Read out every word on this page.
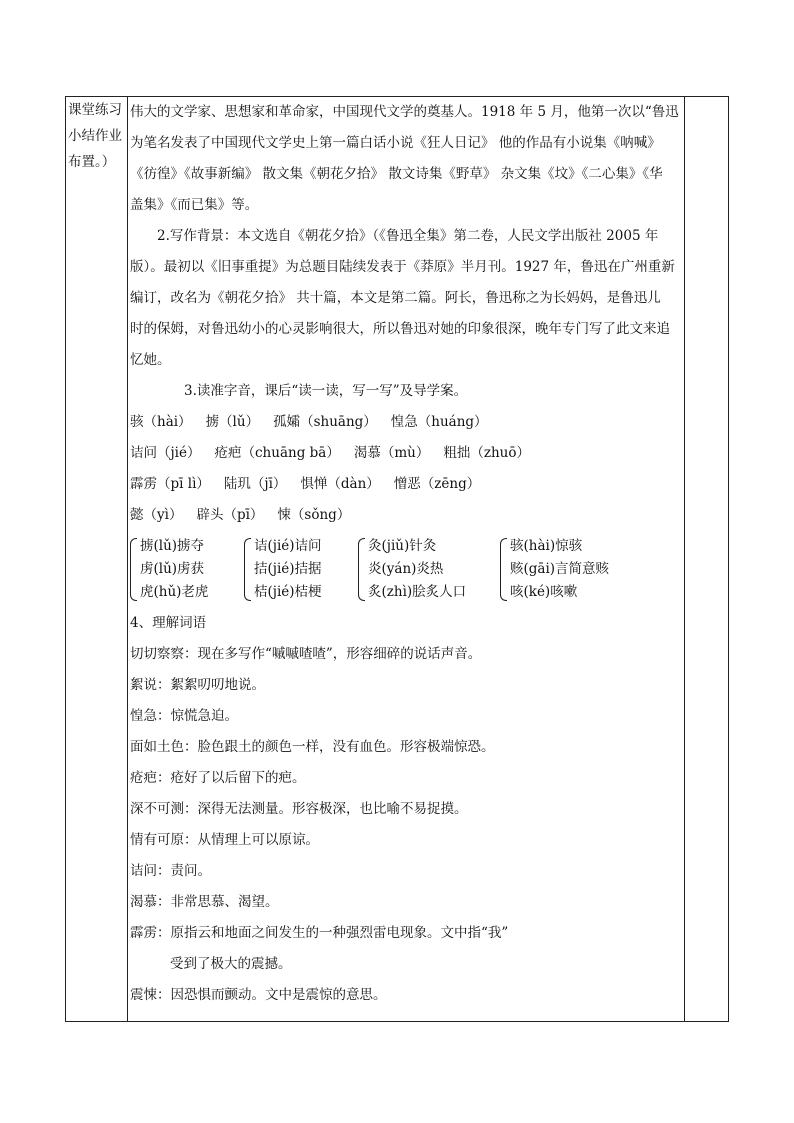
课堂练习
小结作业
布置。）
伟大的文学家、思想家和革命家，中国现代文学的奠基人。1918 年 5 月，他第一次以“鲁迅
为笔名发表了中国现代文学史上第一篇白话小说《狂人日记》 他的作品有小说集《呐喊》
《彷徨》《故事新编》 散文集《朝花夕拾》 散文诗集《野草》 杂文集《坟》《二心集》《华
盖集》《而已集》等。
2.写作背景：本文选自《朝花夕拾》（《鲁迅全集》第二卷，人民文学出版社 2005 年
版）。最初以《旧事重提》为总题目陆续发表于《莽原》半月刊。1927 年，鲁迅在广州重新
编订，改名为《朝花夕拾》 共十篇，本文是第二篇。阿长，鲁迅称之为长妈妈，是鲁迅儿
时的保姆，对鲁迅幼小的心灵影响很大，所以鲁迅对她的印象很深，晚年专门写了此文来追
忆她。
3.读准字音，课后“读一读，写一写”及导学案。
骇（hài） 掳（lǔ） 孤孀（shuāng） 惶急（huáng）
诘问（jié） 疮疤（chuāng bā） 渴慕（mù） 粗拙（zhuō）
霹雳（pī lì） 陆玑（jī） 惧惮（dàn） 憎恶（zēng）
懿（yì） 辟头（pī） 悚（sǒng）
掳(lǔ)掳夺
虏(lǔ)虏获
虎(hǔ)老虎
诘(jié)诘问
拮(jié)拮据
桔(jié)桔梗
灸(jiǔ)针灸
炎(yán)炎热
炙(zhì)脍炙人口
骇(hài)惊骇
赅(gāi)言简意赅
咳(ké)咳嗽
4、理解词语
切切察察：现在多写作“嘁嘁喳喳”，形容细碎的说话声音。
絮说：絮絮叨叨地说。
惶急：惊慌急迫。
面如土色：脸色跟土的颜色一样，没有血色。形容极端惊恐。
疮疤：疮好了以后留下的疤。
深不可测：深得无法测量。形容极深，也比喻不易捉摸。
情有可原：从情理上可以原谅。
诘问：责问。
渴慕：非常思慕、渴望。
霹雳：原指云和地面之间发生的一种强烈雷电现象。文中指“我”
受到了极大的震撼。
震悚：因恐惧而颤动。文中是震惊的意思。
